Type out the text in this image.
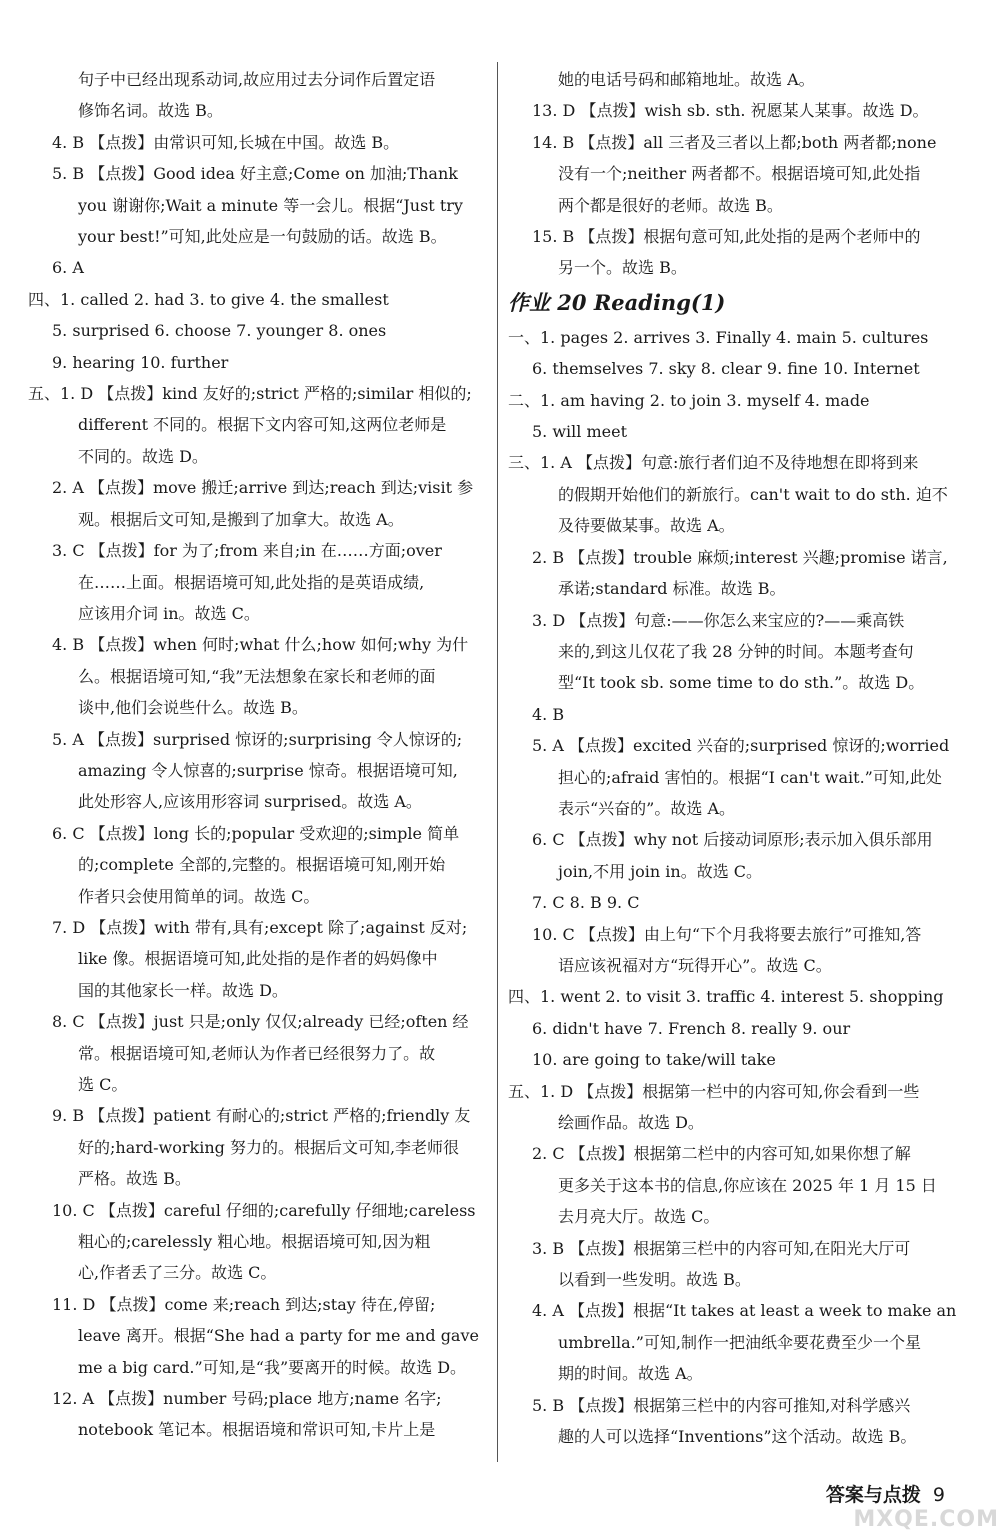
句子中已经出现系动词,故应用过去分词作后置定语
修饰名词。故选 B。
4. B 【点拨】由常识可知,长城在中国。故选 B。
5. B 【点拨】Good idea 好主意;Come on 加油;Thank
you 谢谢你;Wait a minute 等一会儿。根据“Just try
your best!”可知,此处应是一句鼓励的话。故选 B。
6. A
四、1. called 2. had 3. to give 4. the smallest
5. surprised 6. choose 7. younger 8. ones
9. hearing 10. further
五、1. D 【点拨】kind 友好的;strict 严格的;similar 相似的;
different 不同的。根据下文内容可知,这两位老师是
不同的。故选 D。
2. A 【点拨】move 搬迁;arrive 到达;reach 到达;visit 参
观。根据后文可知,是搬到了加拿大。故选 A。
3. C 【点拨】for 为了;from 来自;in 在……方面;over
在……上面。根据语境可知,此处指的是英语成绩,
应该用介词 in。故选 C。
4. B 【点拨】when 何时;what 什么;how 如何;why 为什
么。根据语境可知,“我”无法想象在家长和老师的面
谈中,他们会说些什么。故选 B。
5. A 【点拨】surprised 惊讶的;surprising 令人惊讶的;
amazing 令人惊喜的;surprise 惊奇。根据语境可知,
此处形容人,应该用形容词 surprised。故选 A。
6. C 【点拨】long 长的;popular 受欢迎的;simple 简单
的;complete 全部的,完整的。根据语境可知,刚开始
作者只会使用简单的词。故选 C。
7. D 【点拨】with 带有,具有;except 除了;against 反对;
like 像。根据语境可知,此处指的是作者的妈妈像中
国的其他家长一样。故选 D。
8. C 【点拨】just 只是;only 仅仅;already 已经;often 经
常。根据语境可知,老师认为作者已经很努力了。故
选 C。
9. B 【点拨】patient 有耐心的;strict 严格的;friendly 友
好的;hard-working 努力的。根据后文可知,李老师很
严格。故选 B。
10. C 【点拨】careful 仔细的;carefully 仔细地;careless
粗心的;carelessly 粗心地。根据语境可知,因为粗
心,作者丢了三分。故选 C。
11. D 【点拨】come 来;reach 到达;stay 待在,停留;
leave 离开。根据“She had a party for me and gave
me a big card.”可知,是“我”要离开的时候。故选 D。
12. A 【点拨】number 号码;place 地方;name 名字;
notebook 笔记本。根据语境和常识可知,卡片上是
她的电话号码和邮箱地址。故选 A。
13. D 【点拨】wish sb. sth. 祝愿某人某事。故选 D。
14. B 【点拨】all 三者及三者以上都;both 两者都;none
没有一个;neither 两者都不。根据语境可知,此处指
两个都是很好的老师。故选 B。
15. B 【点拨】根据句意可知,此处指的是两个老师中的
另一个。故选 B。
作业 20 Reading(1)
一、1. pages 2. arrives 3. Finally 4. main 5. cultures
6. themselves 7. sky 8. clear 9. fine 10. Internet
二、1. am having 2. to join 3. myself 4. made
5. will meet
三、1. A 【点拨】句意:旅行者们迫不及待地想在即将到来
的假期开始他们的新旅行。can't wait to do sth. 迫不
及待要做某事。故选 A。
2. B 【点拨】trouble 麻烦;interest 兴趣;promise 诺言,
承诺;standard 标准。故选 B。
3. D 【点拨】句意:——你怎么来宝应的?——乘高铁
来的,到这儿仅花了我 28 分钟的时间。本题考查句
型“It took sb. some time to do sth.”。故选 D。
4. B
5. A 【点拨】excited 兴奋的;surprised 惊讶的;worried
担心的;afraid 害怕的。根据“I can't wait.”可知,此处
表示“兴奋的”。故选 A。
6. C 【点拨】why not 后接动词原形;表示加入俱乐部用
join,不用 join in。故选 C。
7. C 8. B 9. C
10. C 【点拨】由上句“下个月我将要去旅行”可推知,答
语应该祝福对方“玩得开心”。故选 C。
四、1. went 2. to visit 3. traffic 4. interest 5. shopping
6. didn't have 7. French 8. really 9. our
10. are going to take/will take
五、1. D 【点拨】根据第一栏中的内容可知,你会看到一些
绘画作品。故选 D。
2. C 【点拨】根据第二栏中的内容可知,如果你想了解
更多关于这本书的信息,你应该在 2025 年 1 月 15 日
去月亮大厅。故选 C。
3. B 【点拨】根据第三栏中的内容可知,在阳光大厅可
以看到一些发明。故选 B。
4. A 【点拨】根据“It takes at least a week to make an
umbrella.”可知,制作一把油纸伞要花费至少一个星
期的时间。故选 A。
5. B 【点拨】根据第三栏中的内容可推知,对科学感兴
趣的人可以选择“Inventions”这个活动。故选 B。
答案与点拨 9
MXQE.COM
